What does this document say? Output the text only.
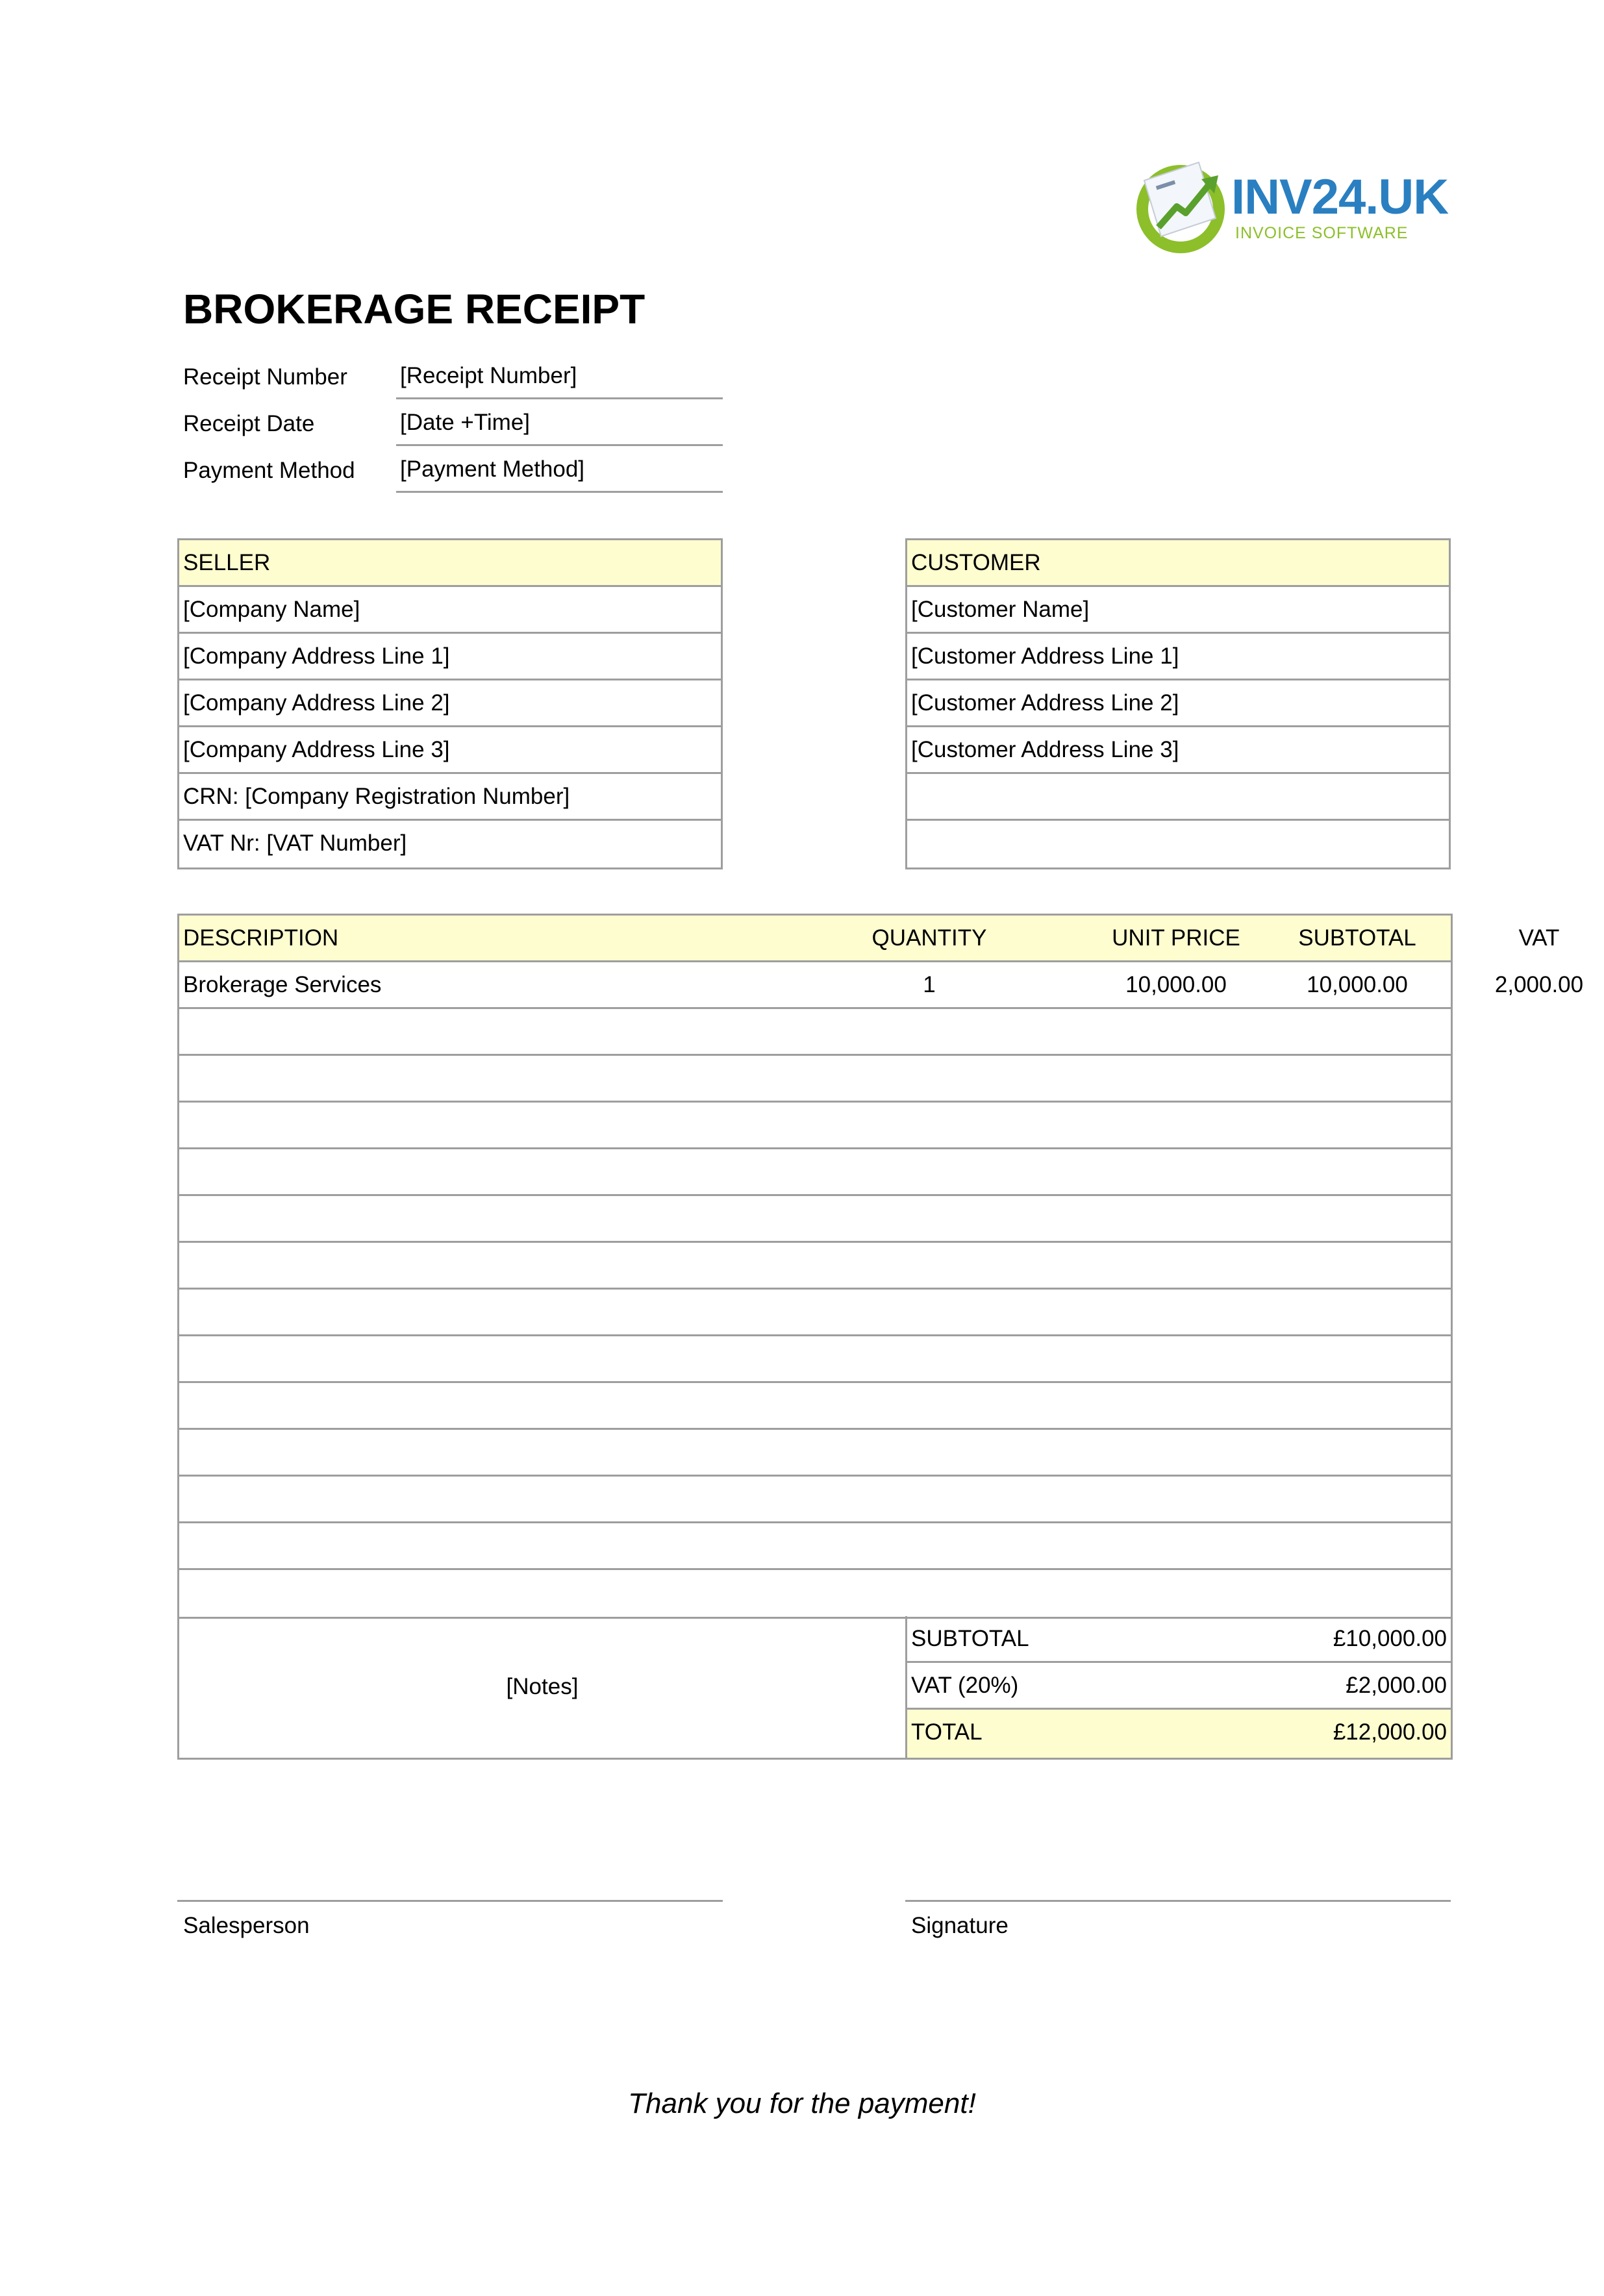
INV24.UK
INVOICE SOFTWARE
BROKERAGE RECEIPT
Receipt Number [Receipt Number]
Receipt Date	[Date +Time]
Payment Method [Payment Method]
SELLER
[Company Name]
[Company Address Line 1]
[Company Address Line 2]
[Company Address Line 3]
CRN: [Company Registration Number]
VAT Nr: [VAT Number]
CUSTOMER
[Customer Name]
[Customer Address Line 1]
[Customer Address Line 2]
[Customer Address Line 3]
DESCRIPTION	QUANTITY	UNIT PRICE	SUBTOTAL	VAT
Brokerage Services	1	10,000.00	10,000.00	2,000.00
[Notes]
SUBTOTAL	£10,000.00
VAT (20%)	£2,000.00
TOTAL	£12,000.00
Salesperson	Signature
Thank you for the payment!
